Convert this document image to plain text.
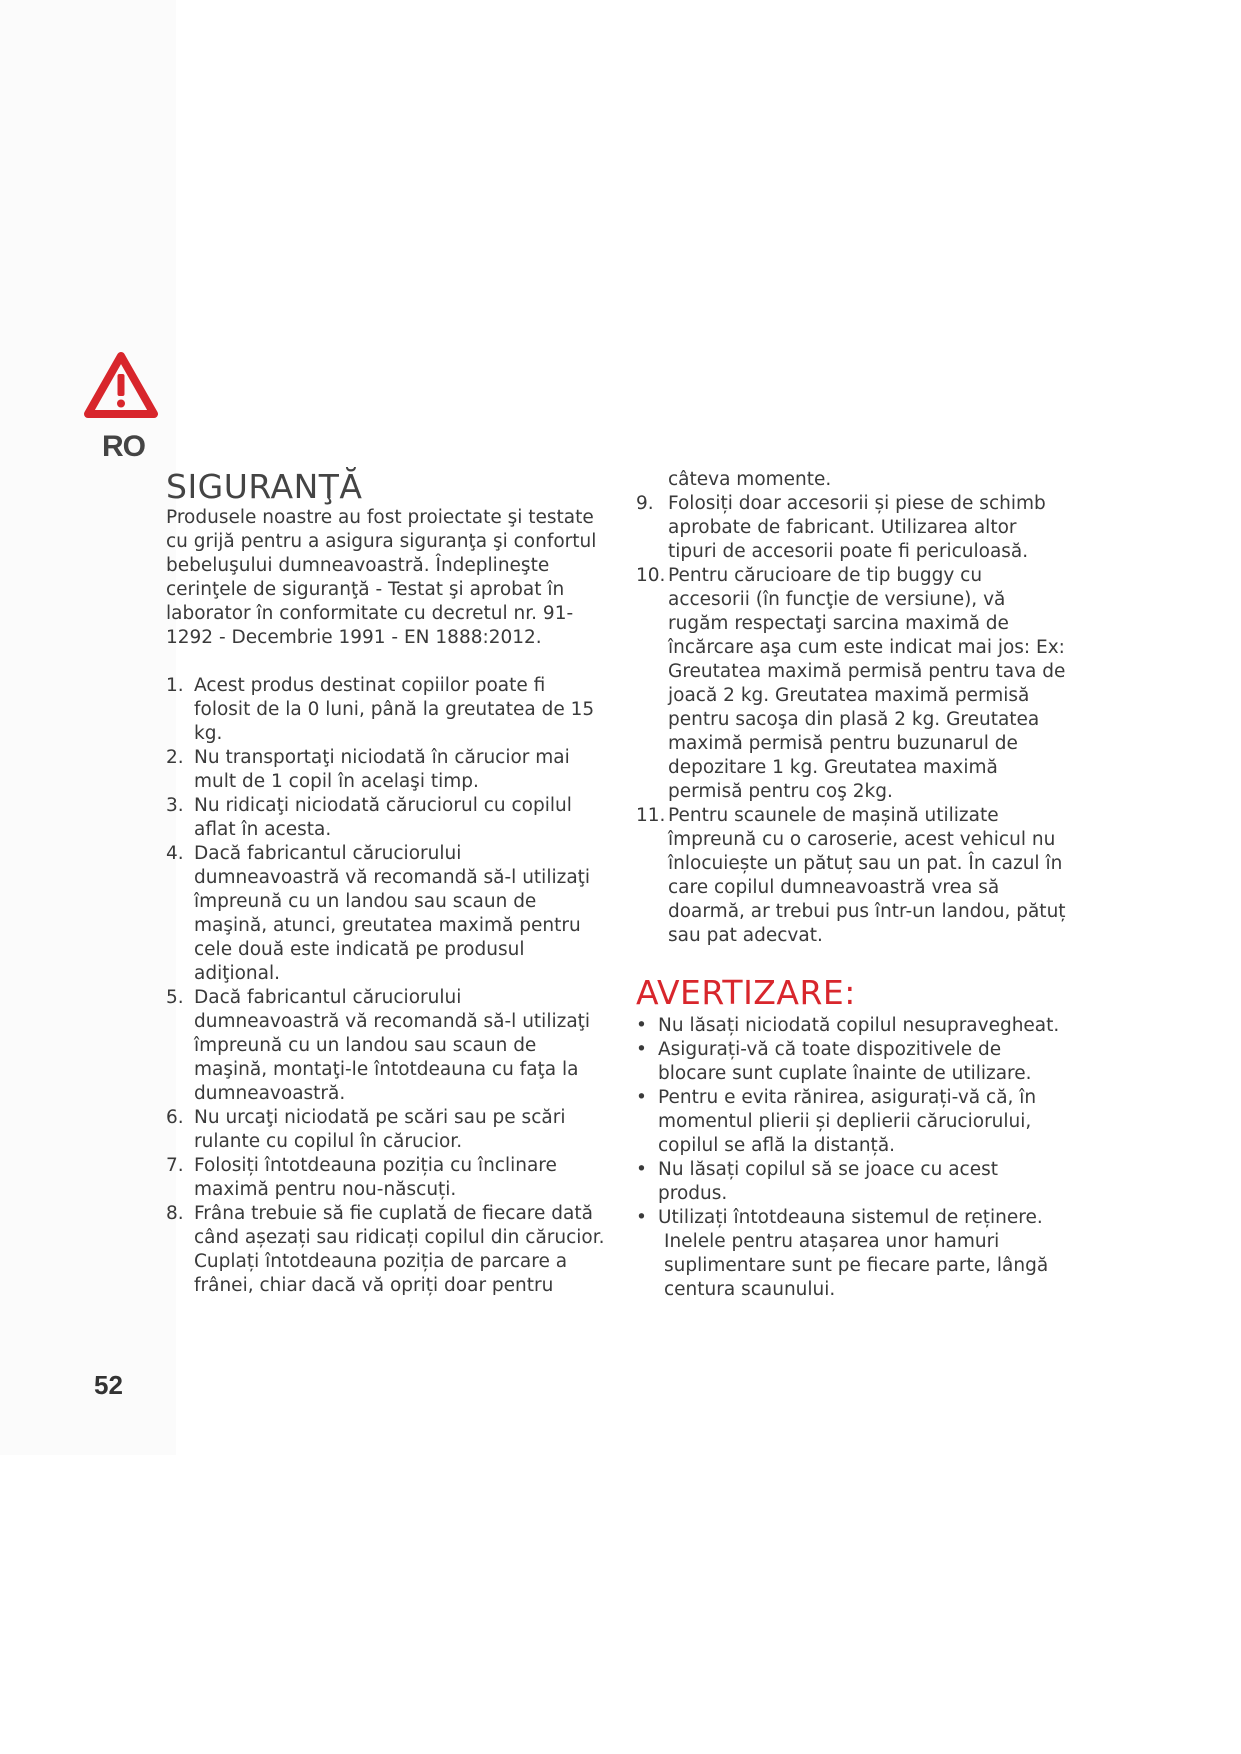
RO
52
SIGURANŢĂ

Produsele noastre au fost proiectate şi testate cu grijă pentru a asigura siguranţa şi confortul bebeluşului dumneavoastră. Îndeplineşte cerinţele de siguranţă - Testat şi aprobat în laborator în conformitate cu decretul nr. 91-1292 - Decembrie 1991 - EN 1888:2012.

1. Acest produs destinat copiilor poate fi folosit de la 0 luni, până la greutatea de 15 kg.
2. Nu transportaţi niciodată în cărucior mai mult de 1 copil în acelaşi timp.
3. Nu ridicaţi niciodată căruciorul cu copilul aflat în acesta.
4. Dacă fabricantul căruciorului dumneavoastră vă recomandă să-l utilizaţi împreună cu un landou sau scaun de maşină, atunci, greutatea maximă pentru cele două este indicată pe produsul adiţional.
5. Dacă fabricantul căruciorului dumneavoastră vă recomandă să-l utilizaţi împreună cu un landou sau scaun de maşină, montaţi-le întotdeauna cu faţa la dumneavoastră.
6. Nu urcaţi niciodată pe scări sau pe scări rulante cu copilul în cărucior.
7. Folosiți întotdeauna poziția cu înclinare maximă pentru nou-născuți.
8. Frâna trebuie să fie cuplată de fiecare dată când așezați sau ridicați copilul din cărucior. Cuplați întotdeauna poziția de parcare a frânei, chiar dacă vă opriți doar pentru

câteva momente.

9. Folosiți doar accesorii și piese de schimb aprobate de fabricant. Utilizarea altor tipuri de accesorii poate fi periculoasă.
10. Pentru cărucioare de tip buggy cu accesorii (în funcţie de versiune), vă rugăm respectaţi sarcina maximă de încărcare aşa cum este indicat mai jos: Ex: Greutatea maximă permisă pentru tava de joacă 2 kg. Greutatea maximă permisă pentru sacoşa din plasă 2 kg. Greutatea maximă permisă pentru buzunarul de depozitare 1 kg. Greutatea maximă permisă pentru coş 2kg.
11. Pentru scaunele de mașină utilizate împreună cu o caroserie, acest vehicul nu înlocuiește un pătuț sau un pat. În cazul în care copilul dumneavoastră vrea să doarmă, ar trebui pus într-un landou, pătuț sau pat adecvat.
AVERTIZARE:
• Nu lăsați niciodată copilul nesupravegheat.
• Asigurați-vă că toate dispozitivele de blocare sunt cuplate înainte de utilizare.
• Pentru e evita rănirea, asigurați-vă că, în momentul plierii și deplierii căruciorului, copilul se află la distanță.
• Nu lăsați copilul să se joace cu acest produs.
• Utilizați întotdeauna sistemul de reținere.

Inelele pentru atașarea unor hamuri suplimentare sunt pe fiecare parte, lângă centura scaunului.
